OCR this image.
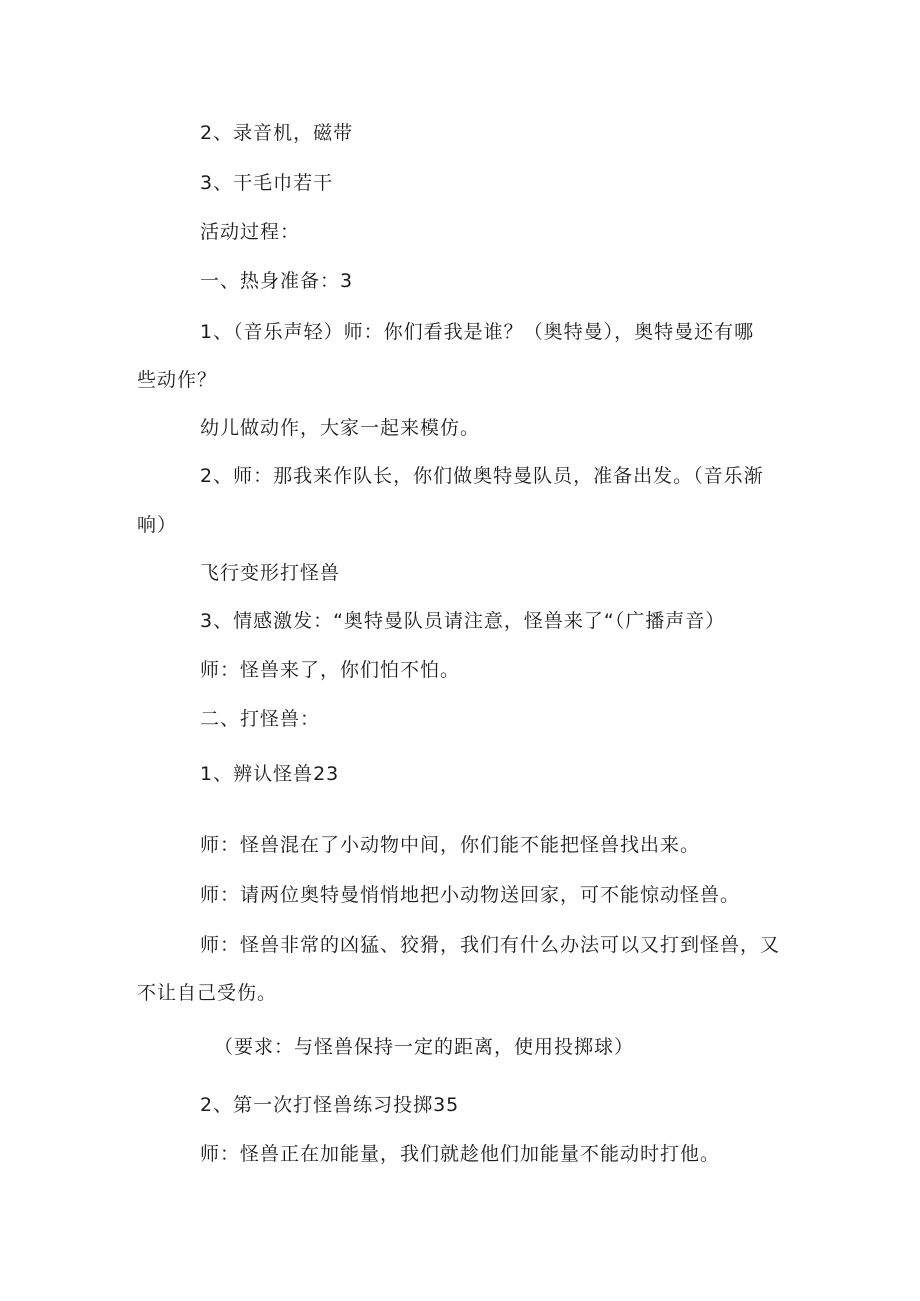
2、录音机，磁带
3、干毛巾若干
活动过程：
一、热身准备：3
1、（音乐声轻）师：你们看我是谁？（奥特曼），奥特曼还有哪
些动作？
幼儿做动作，大家一起来模仿。
2、师：那我来作队长，你们做奥特曼队员，准备出发。（音乐渐
响）
飞行变形打怪兽
3、情感激发：“奥特曼队员请注意，怪兽来了“（广播声音）
师：怪兽来了，你们怕不怕。
二、打怪兽：
1、辨认怪兽23
师：怪兽混在了小动物中间，你们能不能把怪兽找出来。
师：请两位奥特曼悄悄地把小动物送回家，可不能惊动怪兽。
师：怪兽非常的凶猛、狡猾，我们有什么办法可以又打到怪兽，又
不让自己受伤。
（要求：与怪兽保持一定的距离，使用投掷球）
2、第一次打怪兽练习投掷35
师：怪兽正在加能量，我们就趁他们加能量不能动时打他。
